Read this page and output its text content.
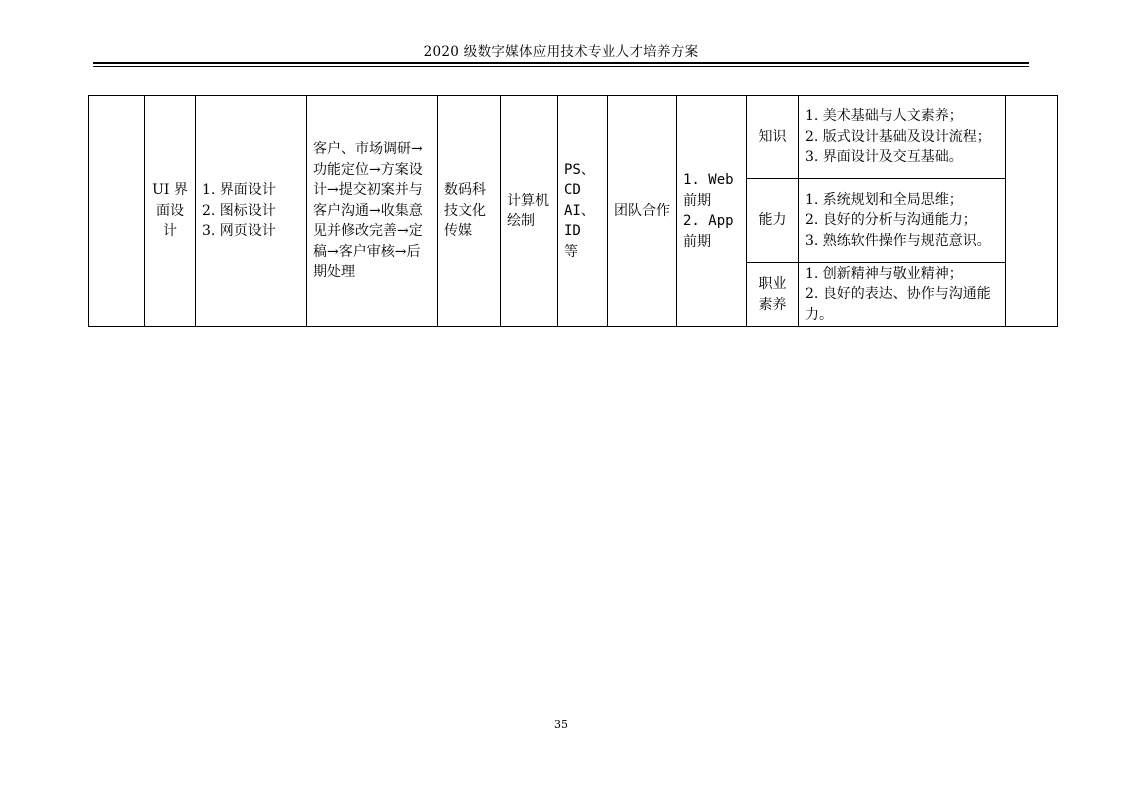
2020 级数字媒体应用技术专业人才培养方案

	UI 界
面设
计	1. 界面设计
2. 图标设计
3. 网页设计	客户、市场调研→功能定位→方案设计→提交初案并与客户沟通→收集意见并修改完善→定稿→客户审核→后期处理	数码科技文化传媒	计算机绘制	PS、
CD
AI、
ID 等	团队合作	1. Web
前期
2. App
前期	知识	1. 美术基础与人文素养；
2. 版式设计基础及设计流程；
3. 界面设计及交互基础。	

									能力	1. 系统规划和全局思维；
2. 良好的分析与沟通能力；
3. 熟练软件操作与规范意识。	

									职业素养	1. 创新精神与敬业精神；
2. 良好的表达、协作与沟通能力。	
35
